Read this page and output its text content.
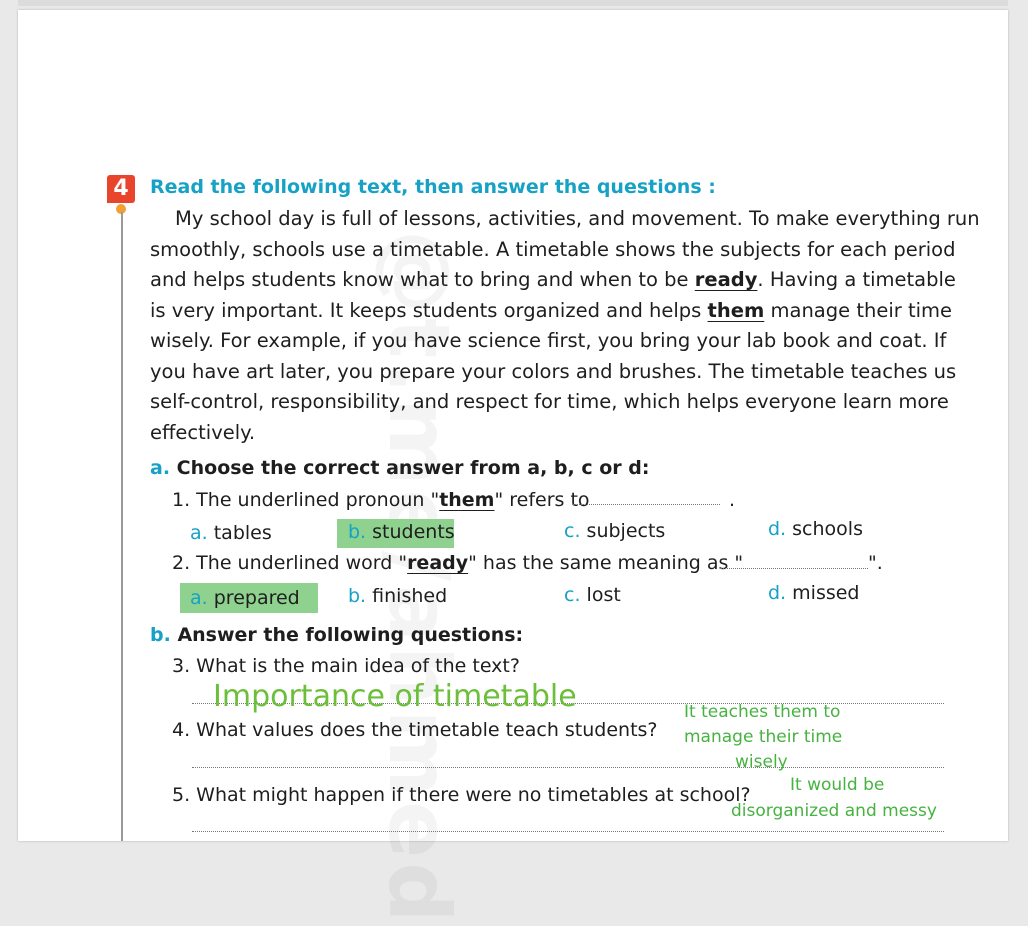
4	Read the following text, then answer the questions :
My school day is full of lessons, activities, and movement. To make everything run
smoothly, schools use a timetable. A timetable shows the subjects for each period
and helps students know what to bring and when to be ready. Having a timetable
is very important. It keeps students organized and helps them manage their time
wisely. For example, if you have science first, you bring your lab book and coat. If
you have art later, you prepare your colors and brushes. The timetable teaches us
self-control, responsibility, and respect for time, which helps everyone learn more
effectively.
a. Choose the correct answer from a, b, c or d:
1. The underlined pronoun "them" refers to	.
a. tables	b. students	c. subjects	d. schools
2. The underlined word "ready" has the same meaning as "	".
a. prepared	b. finished	c. lost	d. missed
b. Answer the following questions:
3. What is the main idea of the text?
Importance of timetable
4. What values does the timetable teach students?
It teaches them to
manage their time
wisely
5. What might happen if there were no timetables at school? It would be
disorganized and messy
